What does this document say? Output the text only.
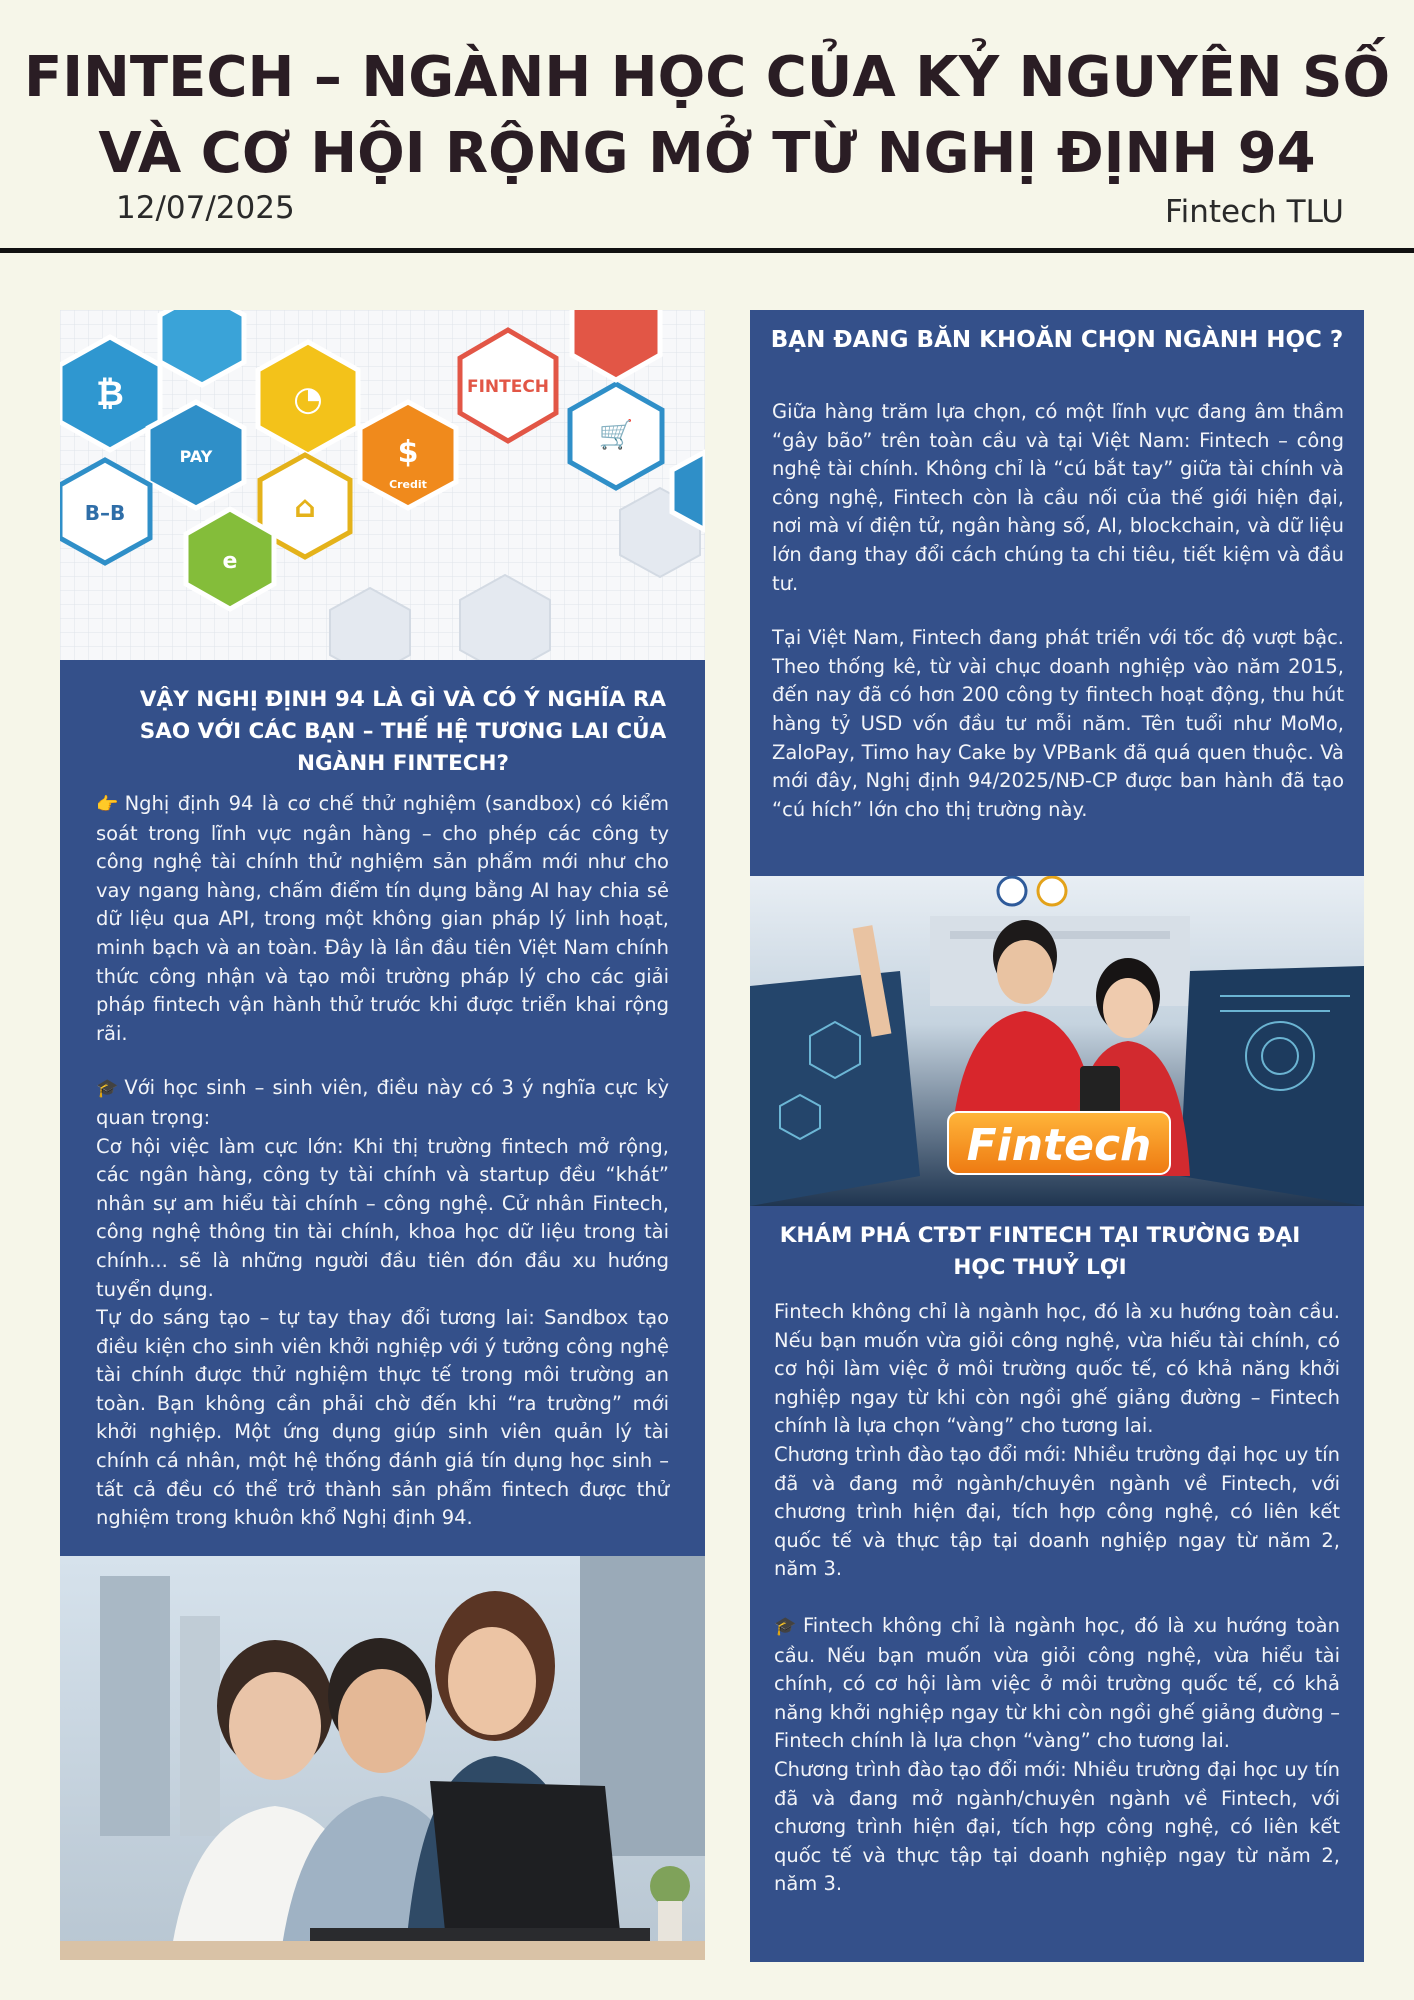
FINTECH – NGÀNH HỌC CỦA KỶ NGUYÊN SỐ
VÀ CƠ HỘI RỘNG MỞ TỪ NGHỊ ĐỊNH 94
12/07/2025	Fintech TLU
₿	◔
$
e
PAY
Credit
FINTECH
⌂
🛒
B–B
VẬY NGHỊ ĐỊNH 94 LÀ GÌ VÀ CÓ Ý NGHĨA RA SAO VỚI CÁC BẠN – THẾ HỆ TƯƠNG LAI CỦA NGÀNH FINTECH?

👉 Nghị định 94 là cơ chế thử nghiệm (sandbox) có kiểm soát trong lĩnh vực ngân hàng – cho phép các công ty công nghệ tài chính thử nghiệm sản phẩm mới như cho vay ngang hàng, chấm điểm tín dụng bằng AI hay chia sẻ dữ liệu qua API, trong một không gian pháp lý linh hoạt, minh bạch và an toàn. Đây là lần đầu tiên Việt Nam chính thức công nhận và tạo môi trường pháp lý cho các giải pháp fintech vận hành thử trước khi được triển khai rộng rãi.

🎓 Với học sinh – sinh viên, điều này có 3 ý nghĩa cực kỳ quan trọng:

Cơ hội việc làm cực lớn: Khi thị trường fintech mở rộng, các ngân hàng, công ty tài chính và startup đều “khát” nhân sự am hiểu tài chính – công nghệ. Cử nhân Fintech, công nghệ thông tin tài chính, khoa học dữ liệu trong tài chính... sẽ là những người đầu tiên đón đầu xu hướng tuyển dụng.

Tự do sáng tạo – tự tay thay đổi tương lai: Sandbox tạo điều kiện cho sinh viên khởi nghiệp với ý tưởng công nghệ tài chính được thử nghiệm thực tế trong môi trường an toàn. Bạn không cần phải chờ đến khi “ra trường” mới khởi nghiệp. Một ứng dụng giúp sinh viên quản lý tài chính cá nhân, một hệ thống đánh giá tín dụng học sinh – tất cả đều có thể trở thành sản phẩm fintech được thử nghiệm trong khuôn khổ Nghị định 94.

BẠN ĐANG BĂN KHOĂN CHỌN NGÀNH HỌC ?

Giữa hàng trăm lựa chọn, có một lĩnh vực đang âm thầm “gây bão” trên toàn cầu và tại Việt Nam: Fintech – công nghệ tài chính. Không chỉ là “cú bắt tay” giữa tài chính và công nghệ, Fintech còn là cầu nối của thế giới hiện đại, nơi mà ví điện tử, ngân hàng số, AI, blockchain, và dữ liệu lớn đang thay đổi cách chúng ta chi tiêu, tiết kiệm và đầu tư.

Tại Việt Nam, Fintech đang phát triển với tốc độ vượt bậc. Theo thống kê, từ vài chục doanh nghiệp vào năm 2015, đến nay đã có hơn 200 công ty fintech hoạt động, thu hút hàng tỷ USD vốn đầu tư mỗi năm. Tên tuổi như MoMo, ZaloPay, Timo hay Cake by VPBank đã quá quen thuộc. Và mới đây, Nghị định 94/2025/NĐ-CP được ban hành đã tạo “cú hích” lớn cho thị trường này.

Fintech
KHÁM PHÁ CTĐT FINTECH TẠI TRƯỜNG ĐẠI HỌC THUỶ LỢI

Fintech không chỉ là ngành học, đó là xu hướng toàn cầu. Nếu bạn muốn vừa giỏi công nghệ, vừa hiểu tài chính, có cơ hội làm việc ở môi trường quốc tế, có khả năng khởi nghiệp ngay từ khi còn ngồi ghế giảng đường – Fintech chính là lựa chọn “vàng” cho tương lai.

Chương trình đào tạo đổi mới: Nhiều trường đại học uy tín đã và đang mở ngành/chuyên ngành về Fintech, với chương trình hiện đại, tích hợp công nghệ, có liên kết quốc tế và thực tập tại doanh nghiệp ngay từ năm 2, năm 3.

🎓 Fintech không chỉ là ngành học, đó là xu hướng toàn cầu. Nếu bạn muốn vừa giỏi công nghệ, vừa hiểu tài chính, có cơ hội làm việc ở môi trường quốc tế, có khả năng khởi nghiệp ngay từ khi còn ngồi ghế giảng đường – Fintech chính là lựa chọn “vàng” cho tương lai.

Chương trình đào tạo đổi mới: Nhiều trường đại học uy tín đã và đang mở ngành/chuyên ngành về Fintech, với chương trình hiện đại, tích hợp công nghệ, có liên kết quốc tế và thực tập tại doanh nghiệp ngay từ năm 2, năm 3.
